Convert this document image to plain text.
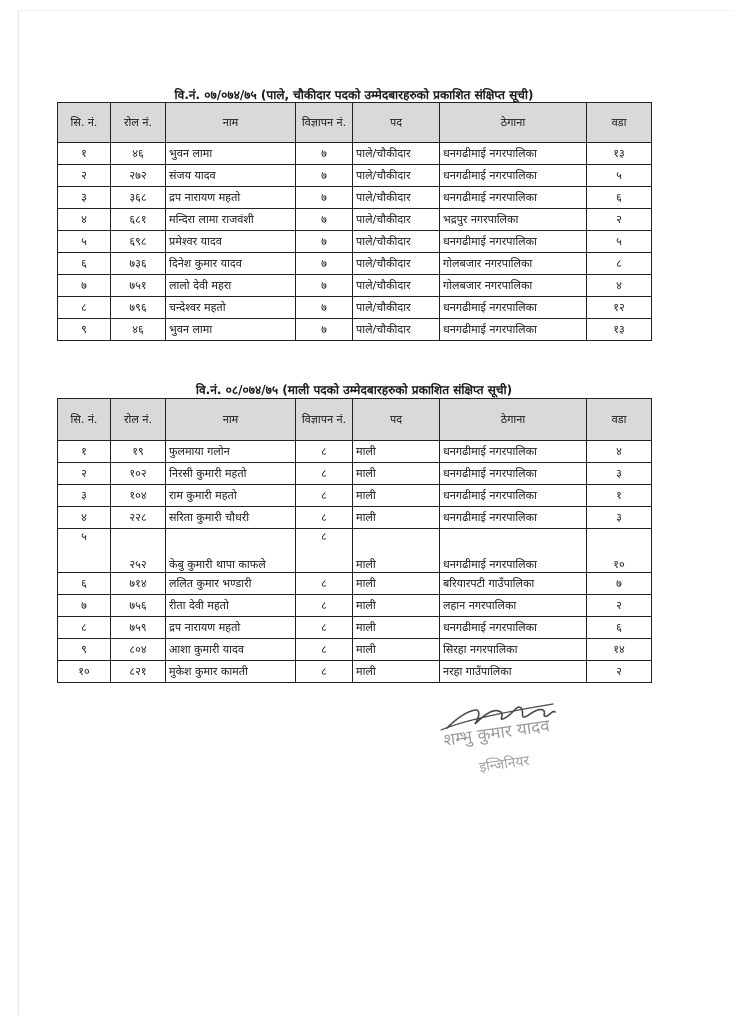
वि.नं. ०७/०७४/७५ (पाले, चौकीदार पदको उम्मेदबारहरुको प्रकाशित संक्षिप्त सूची)
सि. नं.	रोल नं.	नाम	विज्ञापन नं.	पद	ठेगाना	वडा
१	४६	भुवन लामा	७	पाले/चौकीदार	धनगढीमाई नगरपालिका	१३
२	२७२	संजय यादव	७	पाले/चौकीदार	धनगढीमाई नगरपालिका	५
३	३६८	द्रप नारायण महतो	७	पाले/चौकीदार	धनगढीमाई नगरपालिका	६
४	६८१	मन्दिरा लामा राजवंशी	७	पाले/चौकीदार	भद्रपुर नगरपालिका	२
५	६९८	प्रमेश्वर यादव	७	पाले/चौकीदार	धनगढीमाई नगरपालिका	५
६	७३६	दिनेश कुमार यादव	७	पाले/चौकीदार	गोलबजार नगरपालिका	८
७	७५१	लालो देवी महरा	७	पाले/चौकीदार	गोलबजार नगरपालिका	४
८	७९६	चन्देश्वर महतो	७	पाले/चौकीदार	धनगढीमाई नगरपालिका	१२
९	४६	भुवन लामा	७	पाले/चौकीदार	धनगढीमाई नगरपालिका	१३
वि.नं. ०८/०७४/७५ (माली पदको उम्मेदबारहरुको प्रकाशित संक्षिप्त सूची)
सि. नं.	रोल नं.	नाम	विज्ञापन नं.	पद	ठेगाना	वडा
१	१९	फुलमाया गलोन	८	माली	धनगढीमाई नगरपालिका	४
२	१०२	निरसी कुमारी महतो	८	माली	धनगढीमाई नगरपालिका	३
३	१०४	राम कुमारी महतो	८	माली	धनगढीमाई नगरपालिका	१
४	२२८	सरिता कुमारी चौधरी	८	माली	धनगढीमाई नगरपालिका	३
५	२५२	केबु कुमारी थापा काफले	८	माली	धनगढीमाई नगरपालिका	१०
६	७१४	ललित कुमार भण्डारी	८	माली	बरियारपटी गाउँपालिका	७
७	७५६	रीता देवी महतो	८	माली	लहान नगरपालिका	२
८	७५९	द्रप नारायण महतो	८	माली	धनगढीमाई नगरपालिका	६
९	८०४	आशा कुमारी यादव	८	माली	सिरहा नगरपालिका	१४
१०	८२१	मुकेश कुमार कामती	८	माली	नरहा गाउँपालिका	२
शम्भु कुमार यादव
इन्जिनियर
